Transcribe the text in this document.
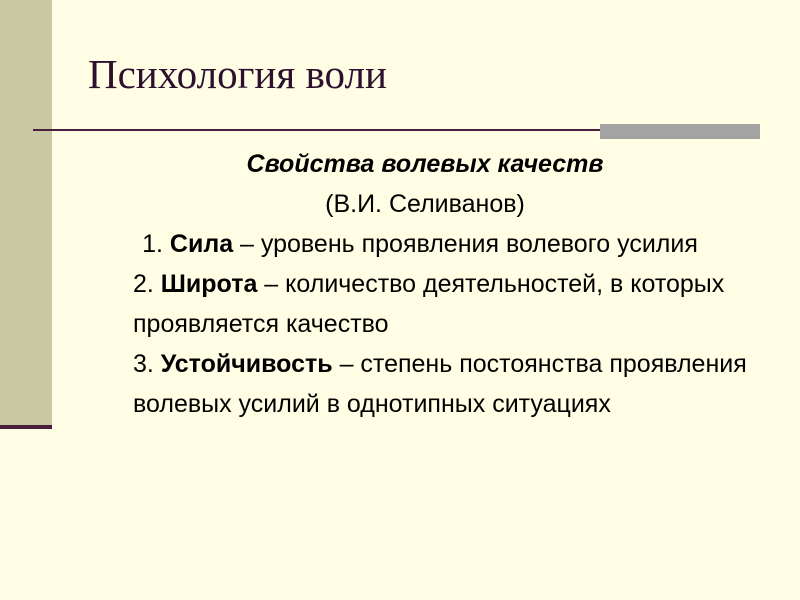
Психология воли

Свойства волевых качеств

(В.И. Селиванов)

1. Сила – уровень проявления волевого усилия

2. Широта – количество деятельностей, в которых проявляется качество

3. Устойчивость – степень постоянства проявления волевых усилий в однотипных ситуациях
